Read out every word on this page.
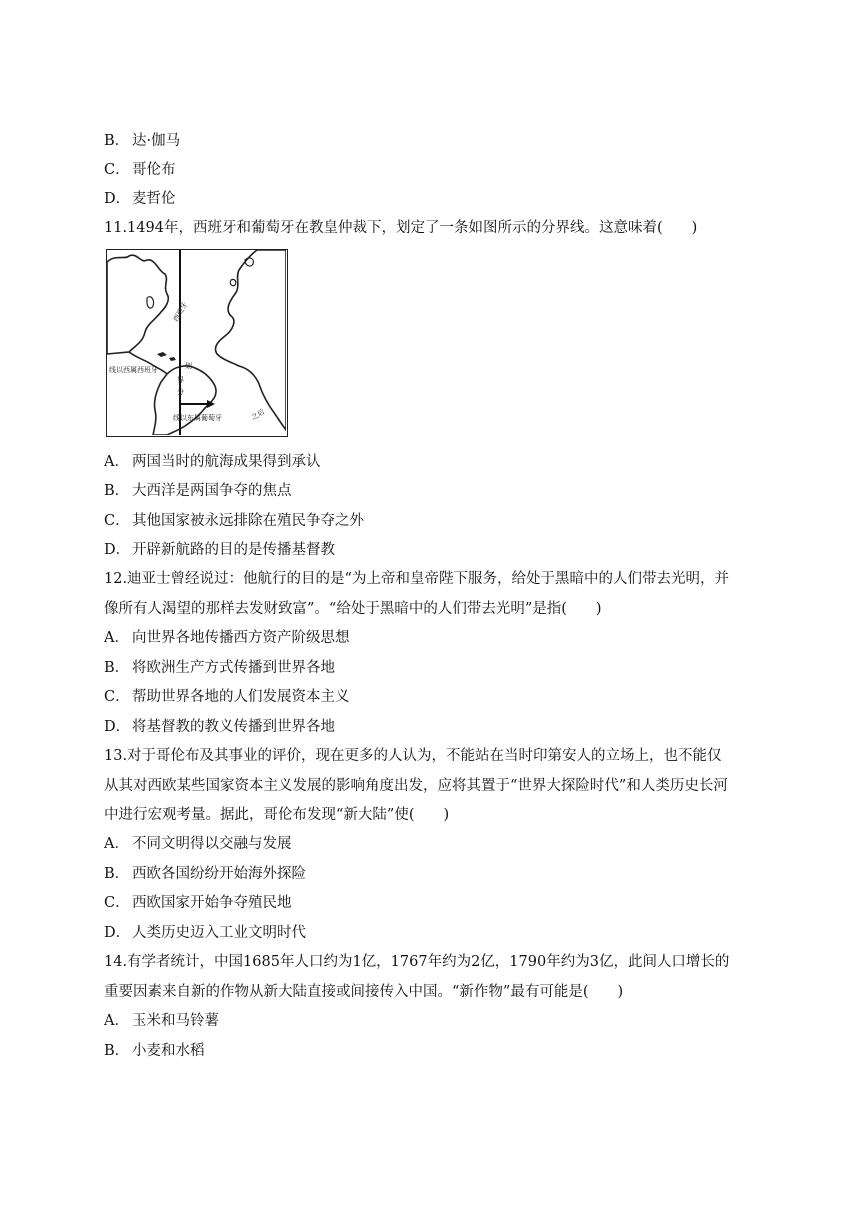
B． 达·伽马
C． 哥伦布
D． 麦哲伦
11.1494年，西班牙和葡萄牙在教皇仲裁下，划定了一条如图所示的分界线。这意味着(　　)
西班牙
线以西属西班牙	划
界
分
线以东属葡萄牙	之后
A． 两国当时的航海成果得到承认
B． 大西洋是两国争夺的焦点
C． 其他国家被永远排除在殖民争夺之外
D． 开辟新航路的目的是传播基督教
12.迪亚士曾经说过：他航行的目的是“为上帝和皇帝陛下服务，给处于黑暗中的人们带去光明，并
像所有人渴望的那样去发财致富”。“给处于黑暗中的人们带去光明”是指(　　)
A． 向世界各地传播西方资产阶级思想
B． 将欧洲生产方式传播到世界各地
C． 帮助世界各地的人们发展资本主义
D． 将基督教的教义传播到世界各地
13.对于哥伦布及其事业的评价，现在更多的人认为，不能站在当时印第安人的立场上，也不能仅
从其对西欧某些国家资本主义发展的影响角度出发，应将其置于“世界大探险时代”和人类历史长河
中进行宏观考量。据此，哥伦布发现“新大陆”使(　　)
A． 不同文明得以交融与发展
B． 西欧各国纷纷开始海外探险
C． 西欧国家开始争夺殖民地
D． 人类历史迈入工业文明时代
14.有学者统计，中国1685年人口约为1亿，1767年约为2亿，1790年约为3亿，此间人口增长的
重要因素来自新的作物从新大陆直接或间接传入中国。“新作物”最有可能是(　　)
A． 玉米和马铃薯
B． 小麦和水稻
